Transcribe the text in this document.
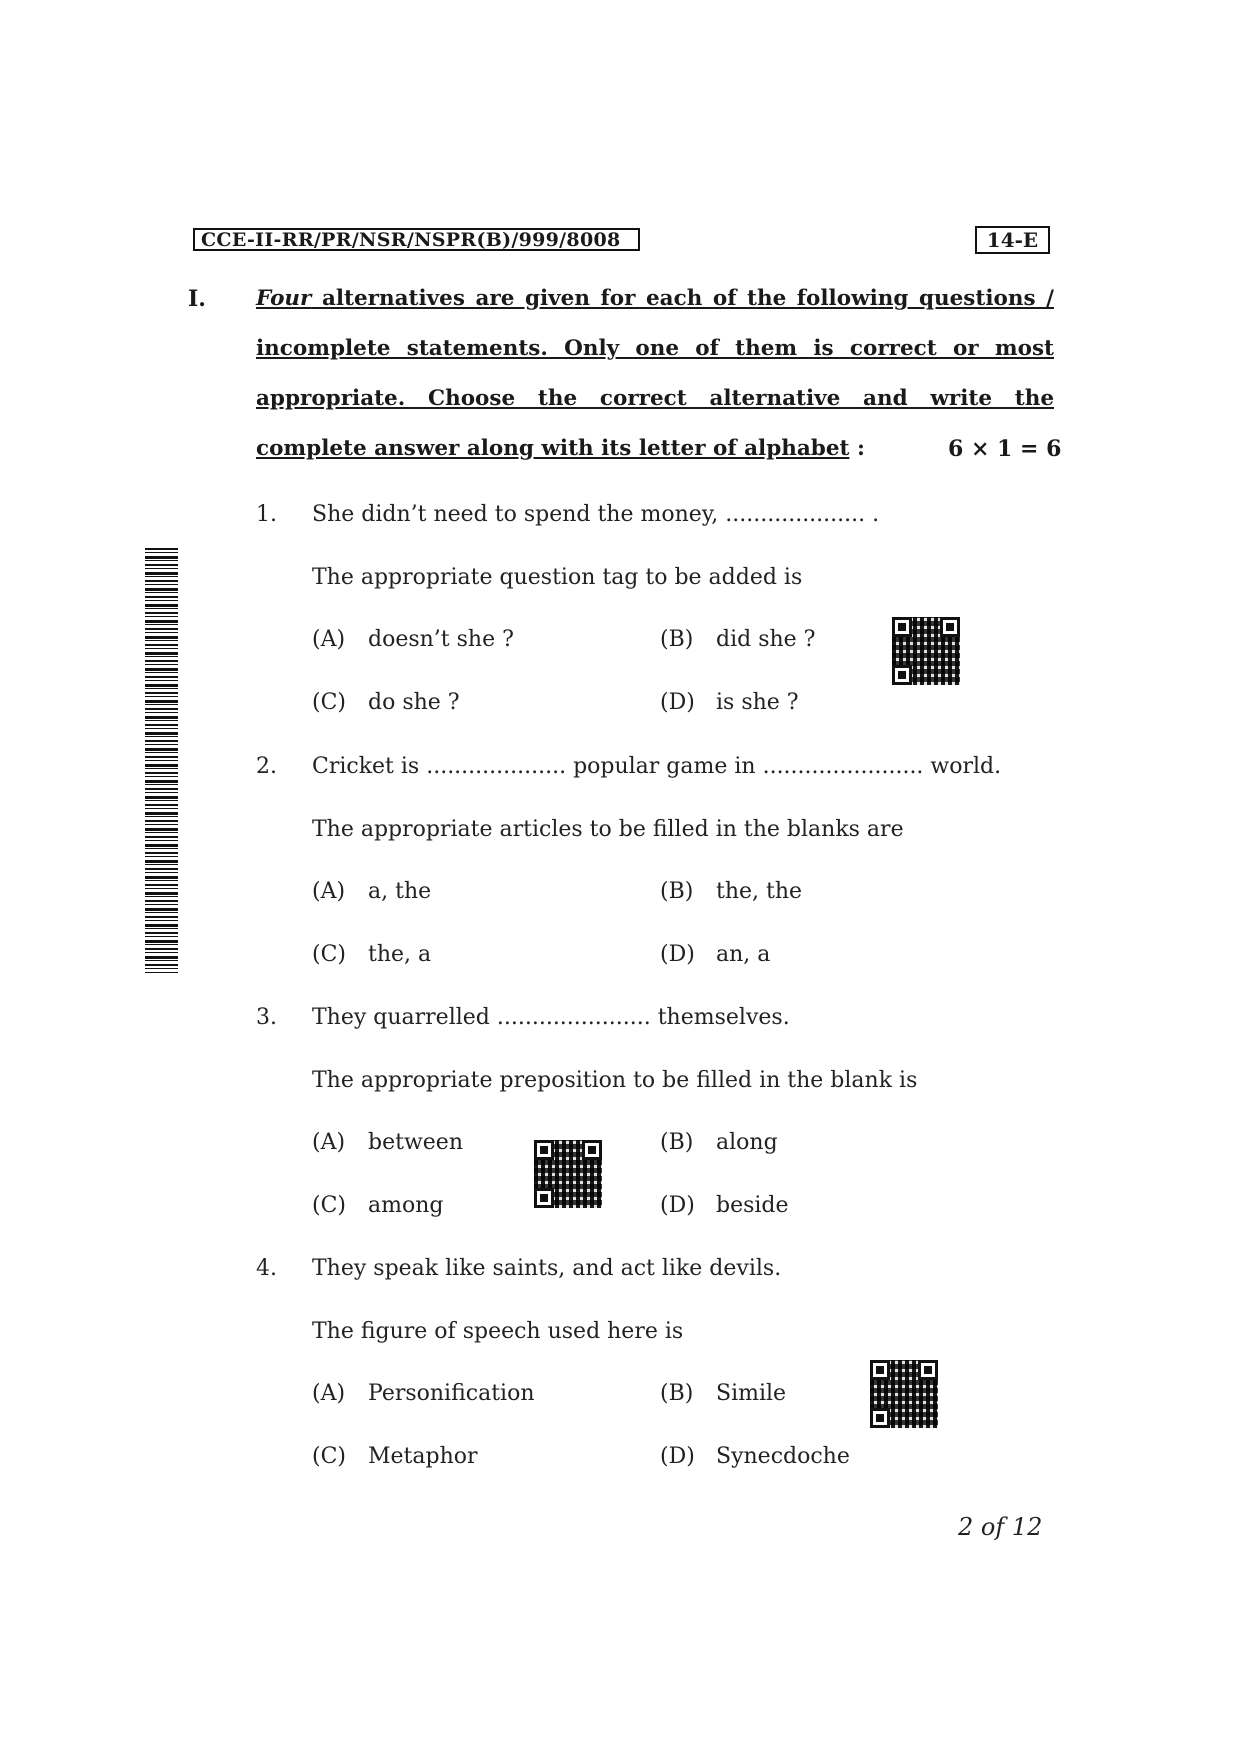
CCE-II-RR/PR/NSR/NSPR(B)/999/8008	14-E
I. Four alternatives are given for each of the following questions /
incomplete statements. Only one of them is correct or most
appropriate. Choose the correct alternative and write the
complete answer along with its letter of alphabet :	6 × 1 = 6
1. She didn’t need to spend the money, .................... .
The appropriate question tag to be added is
(A) doesn’t she ?	(B) did she ?
(C) do she ?	(D) is she ?
2. Cricket is .................... popular game in ....................... world.
The appropriate articles to be filled in the blanks are
(A) a, the	(B) the, the
(C) the, a	(D) an, a
3. They quarrelled ...................... themselves.
The appropriate preposition to be filled in the blank is
(A) between	(B) along
(C) among	(D) beside
4. They speak like saints, and act like devils.
The figure of speech used here is
(A) Personification	(B) Simile
(C) Metaphor	(D) Synecdoche
2 of 12
